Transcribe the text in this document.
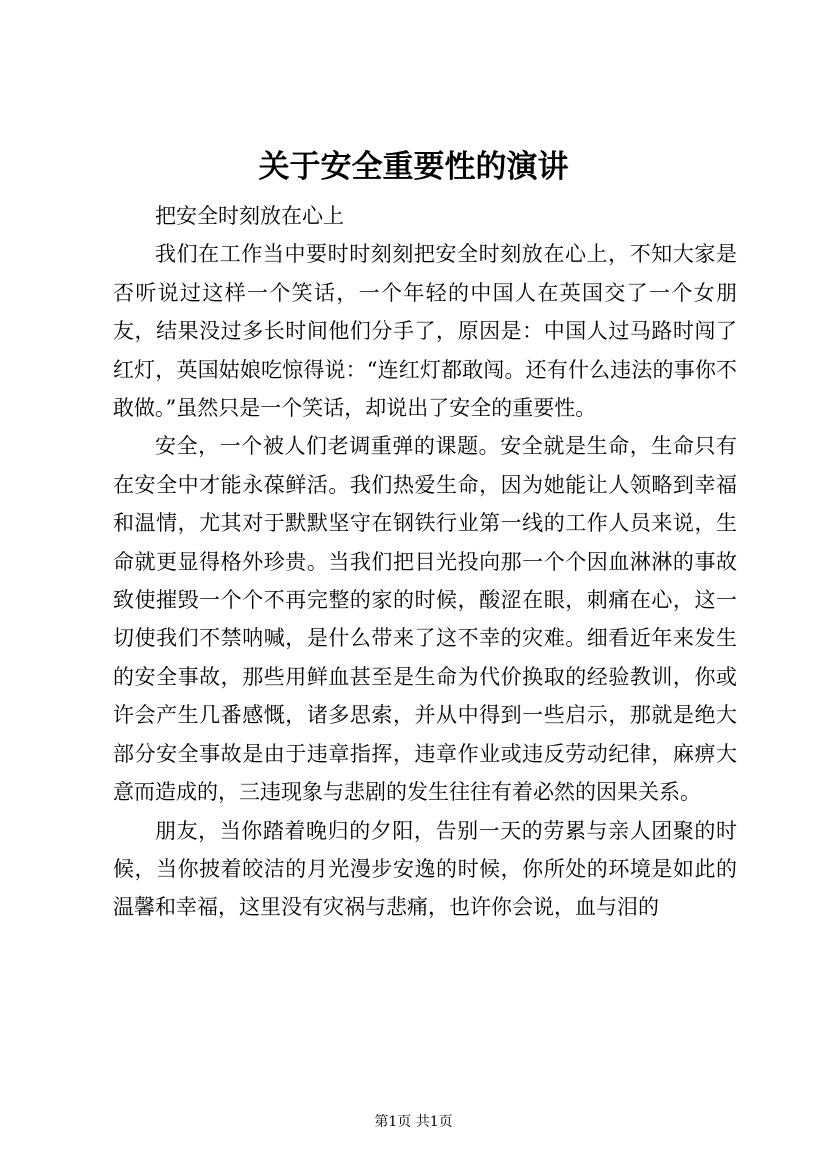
关于安全重要性的演讲

把安全时刻放在心上

我们在工作当中要时时刻刻把安全时刻放在心上，不知大家是否听说过这样一个笑话，一个年轻的中国人在英国交了一个女朋友，结果没过多长时间他们分手了，原因是：中国人过马路时闯了红灯，英国姑娘吃惊得说：“连红灯都敢闯。还有什么违法的事你不敢做。”虽然只是一个笑话，却说出了安全的重要性。

安全，一个被人们老调重弹的课题。安全就是生命，生命只有在安全中才能永葆鲜活。我们热爱生命，因为她能让人领略到幸福和温情，尤其对于默默坚守在钢铁行业第一线的工作人员来说，生命就更显得格外珍贵。当我们把目光投向那一个个因血淋淋的事故致使摧毁一个个不再完整的家的时候，酸涩在眼，刺痛在心，这一切使我们不禁呐喊，是什么带来了这不幸的灾难。细看近年来发生的安全事故，那些用鲜血甚至是生命为代价换取的经验教训，你或许会产生几番感慨，诸多思索，并从中得到一些启示，那就是绝大部分安全事故是由于违章指挥，违章作业或违反劳动纪律，麻痹大意而造成的，三违现象与悲剧的发生往往有着必然的因果关系。

朋友，当你踏着晚归的夕阳，告别一天的劳累与亲人团聚的时候，当你披着皎洁的月光漫步安逸的时候，你所处的环境是如此的温馨和幸福，这里没有灾祸与悲痛，也许你会说，血与泪的

第1页 共1页
